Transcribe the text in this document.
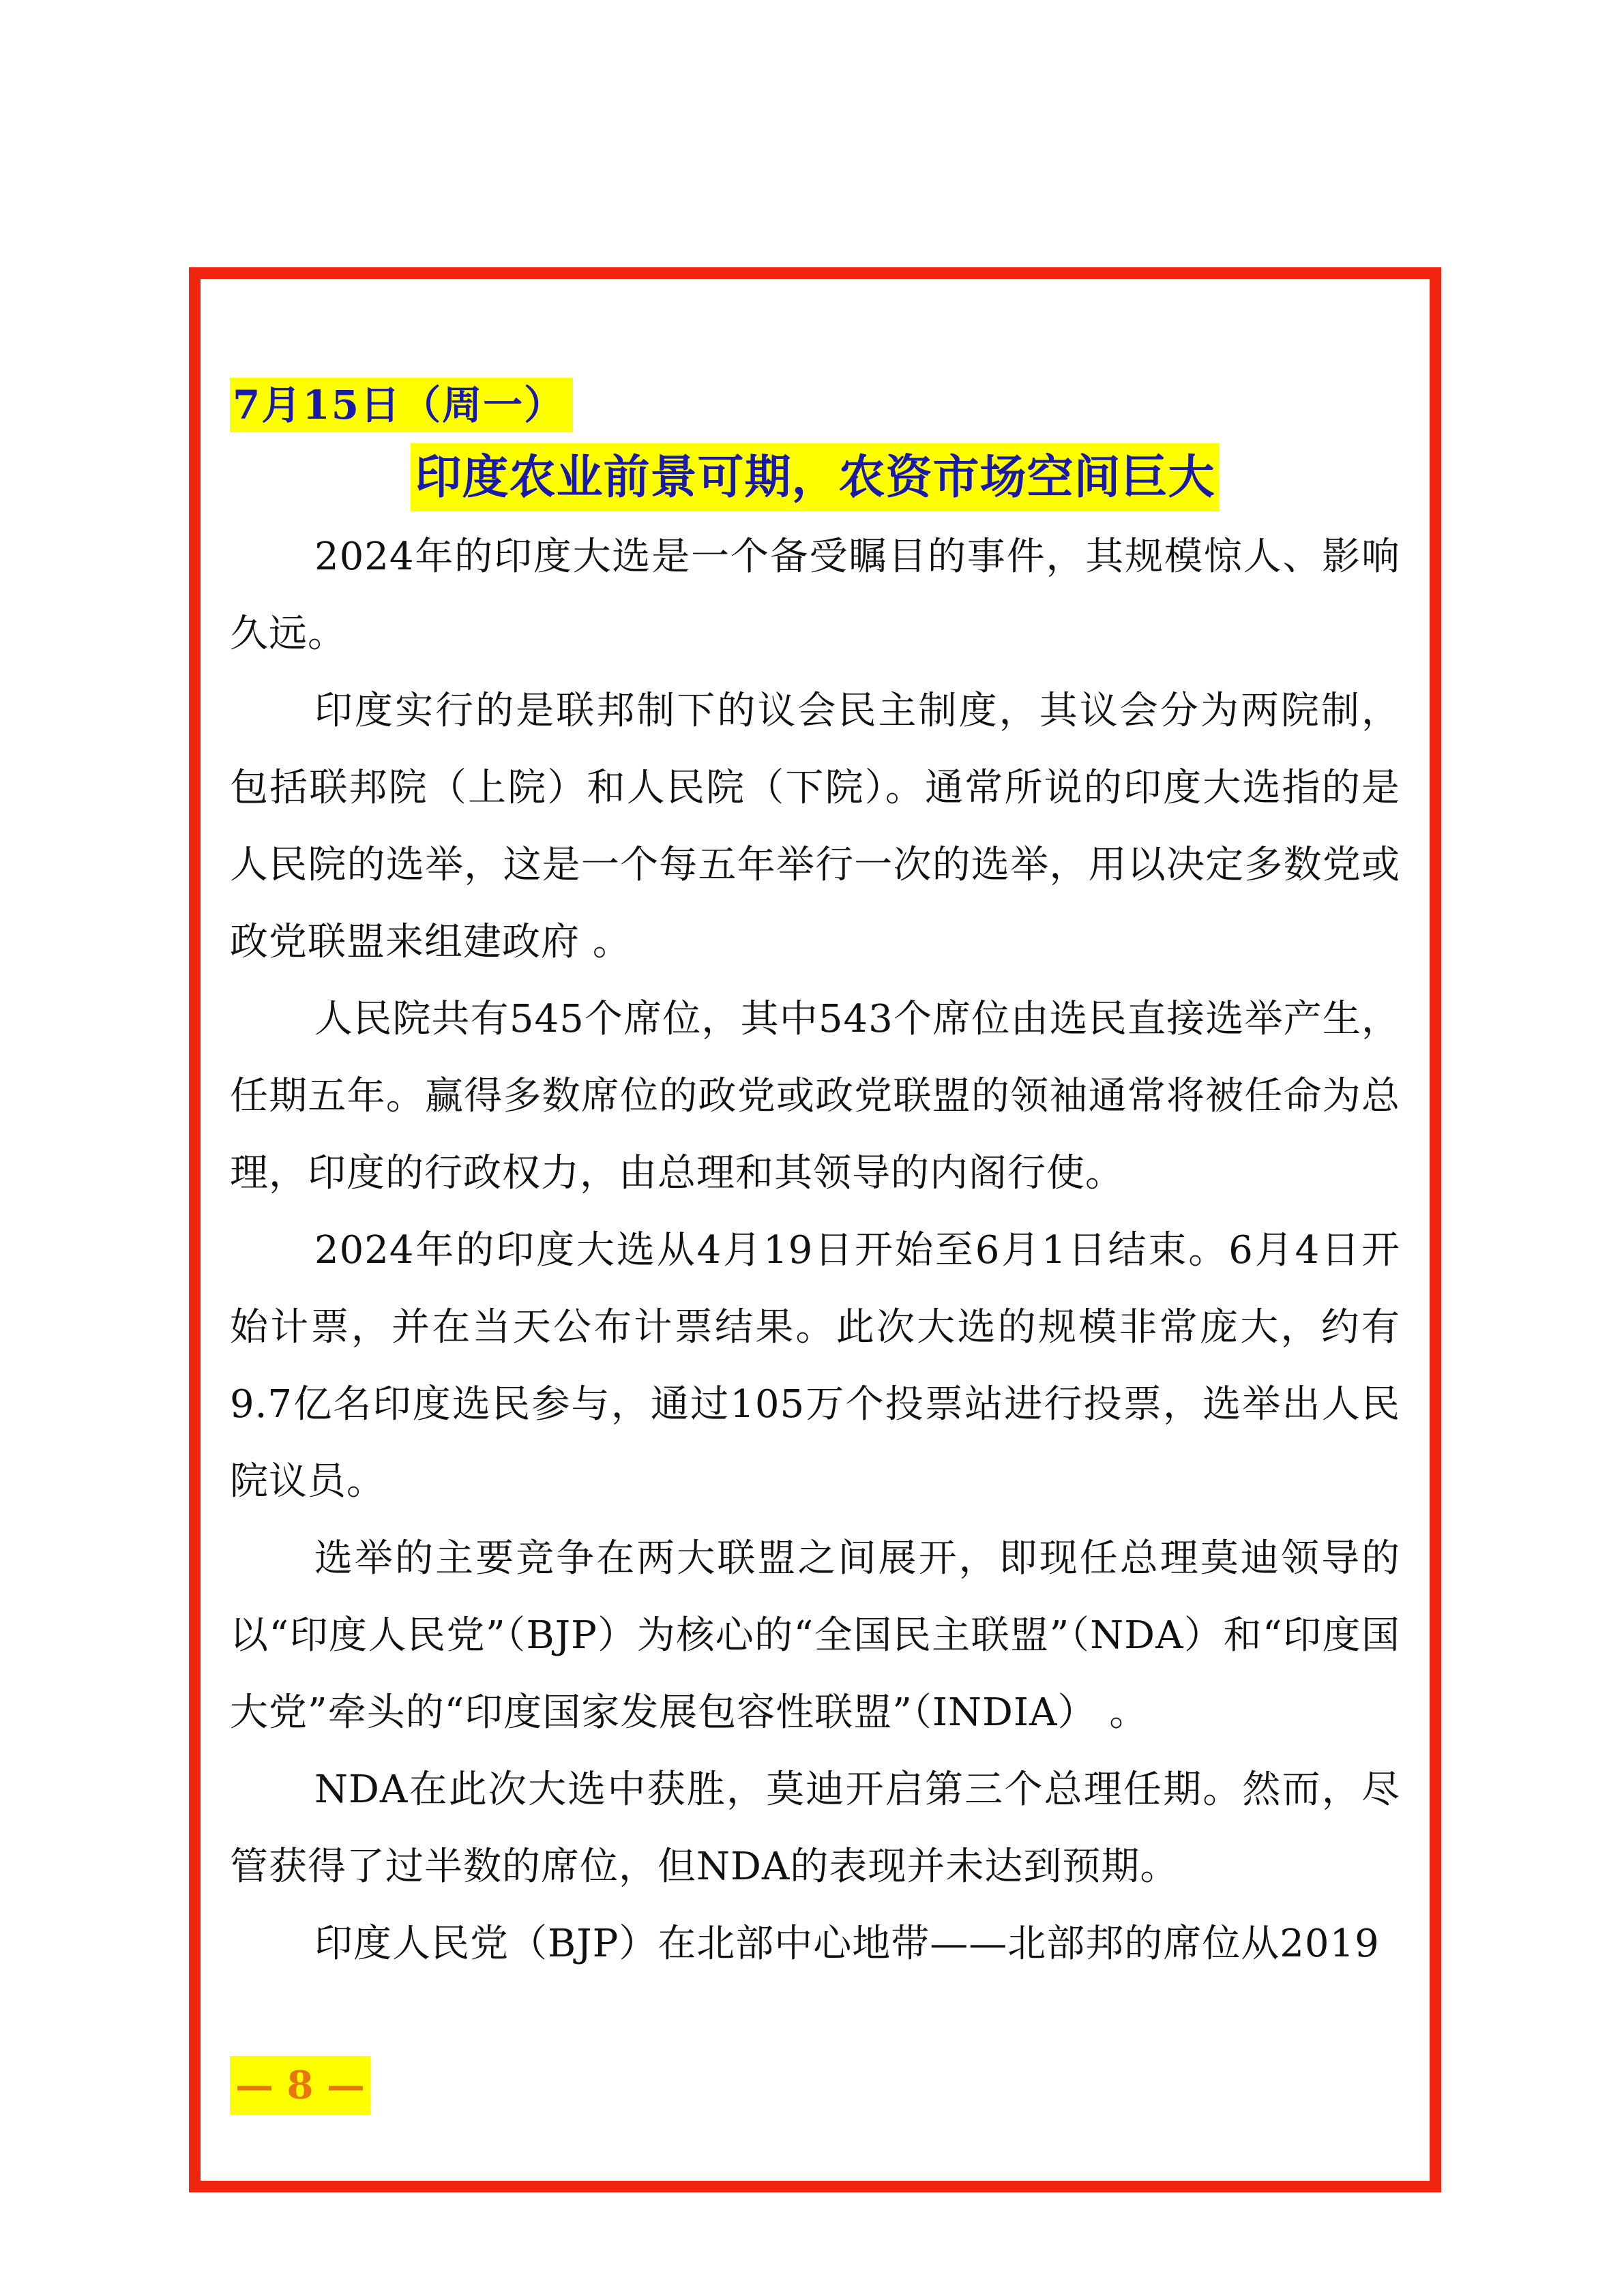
7月15日（周一）
印度农业前景可期，农资市场空间巨大

2024年的印度大选是一个备受瞩目的事件，其规模惊人、影响久远。

印度实行的是联邦制下的议会民主制度，其议会分为两院制，包括联邦院（上院）和人民院（下院）。通常所说的印度大选指的是人民院的选举，这是一个每五年举行一次的选举，用以决定多数党或政党联盟来组建政府 。

人民院共有545个席位，其中543个席位由选民直接选举产生，任期五年。赢得多数席位的政党或政党联盟的领袖通常将被任命为总理，印度的行政权力，由总理和其领导的内阁行使。

2024年的印度大选从4月19日开始至6月1日结束。6月4日开始计票，并在当天公布计票结果。此次大选的规模非常庞大，约有9.7亿名印度选民参与，通过105万个投票站进行投票，选举出人民院议员。

选举的主要竞争在两大联盟之间展开，即现任总理莫迪领导的以“印度人民党”（BJP）为核心的“全国民主联盟”（NDA）和“印度国大党”牵头的“印度国家发展包容性联盟”（INDIA） 。

NDA在此次大选中获胜，莫迪开启第三个总理任期。然而，尽管获得了过半数的席位，但NDA的表现并未达到预期。

印度人民党（BJP）在北部中心地带——北部邦的席位从2019

— 8 —
